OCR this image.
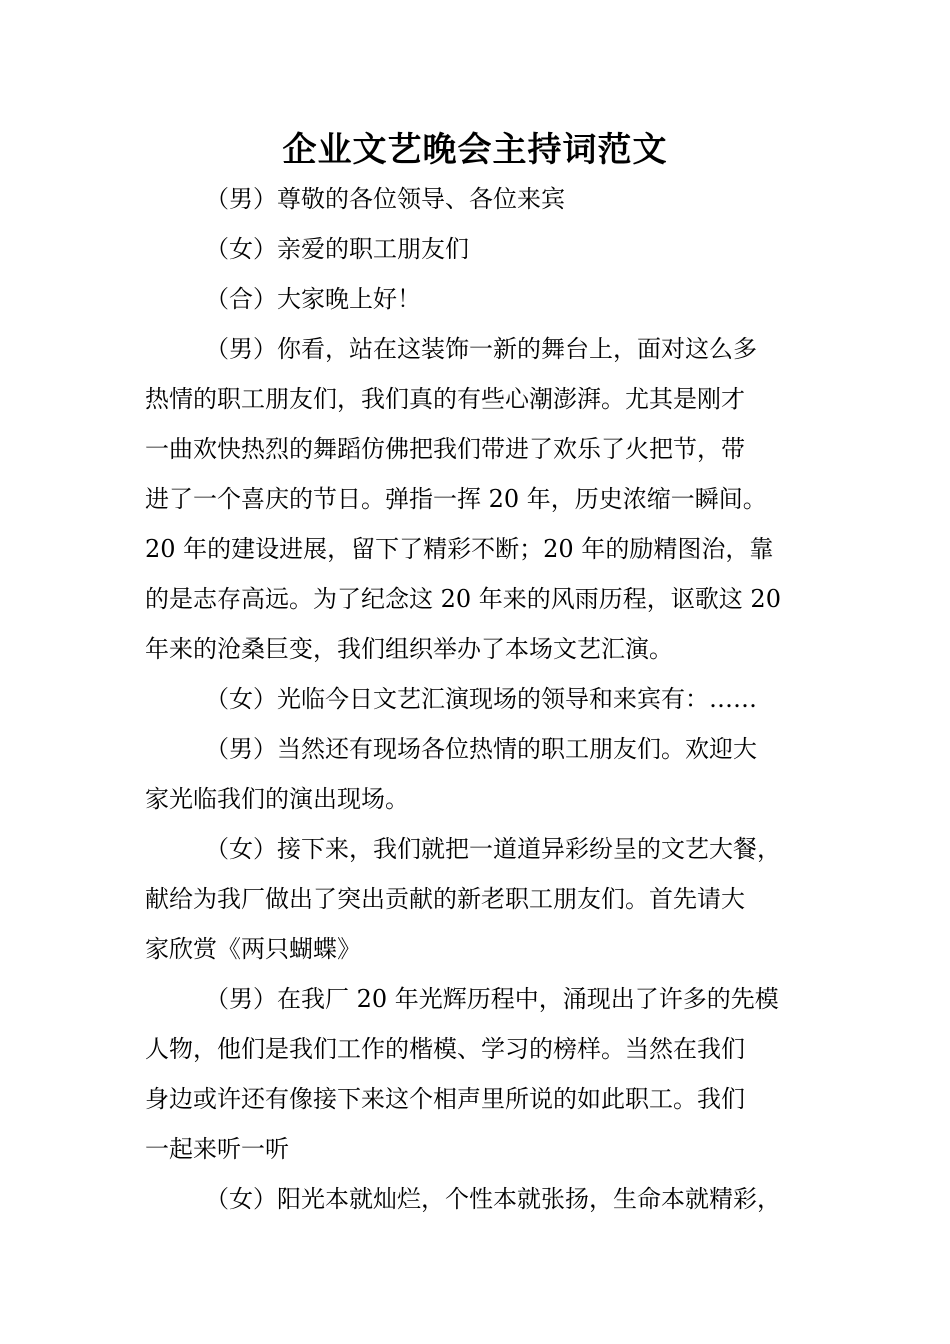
企业文艺晚会主持词范文

（男）尊敬的各位领导、各位来宾

（女）亲爱的职工朋友们

（合）大家晚上好！

（男）你看，站在这装饰一新的舞台上，面对这么多
热情的职工朋友们，我们真的有些心潮澎湃。尤其是刚才
一曲欢快热烈的舞蹈仿佛把我们带进了欢乐了火把节，带
进了一个喜庆的节日。弹指一挥 20 年，历史浓缩一瞬间。
20 年的建设进展，留下了精彩不断；20 年的励精图治，靠
的是志存高远。为了纪念这 20 年来的风雨历程，讴歌这 20
年来的沧桑巨变，我们组织举办了本场文艺汇演。

（女）光临今日文艺汇演现场的领导和来宾有：……

（男）当然还有现场各位热情的职工朋友们。欢迎大
家光临我们的演出现场。

（女）接下来，我们就把一道道异彩纷呈的文艺大餐，
献给为我厂做出了突出贡献的新老职工朋友们。首先请大
家欣赏《两只蝴蝶》

（男）在我厂 20 年光辉历程中，涌现出了许多的先模
人物，他们是我们工作的楷模、学习的榜样。当然在我们
身边或许还有像接下来这个相声里所说的如此职工。我们
一起来听一听

（女）阳光本就灿烂，个性本就张扬，生命本就精彩，
